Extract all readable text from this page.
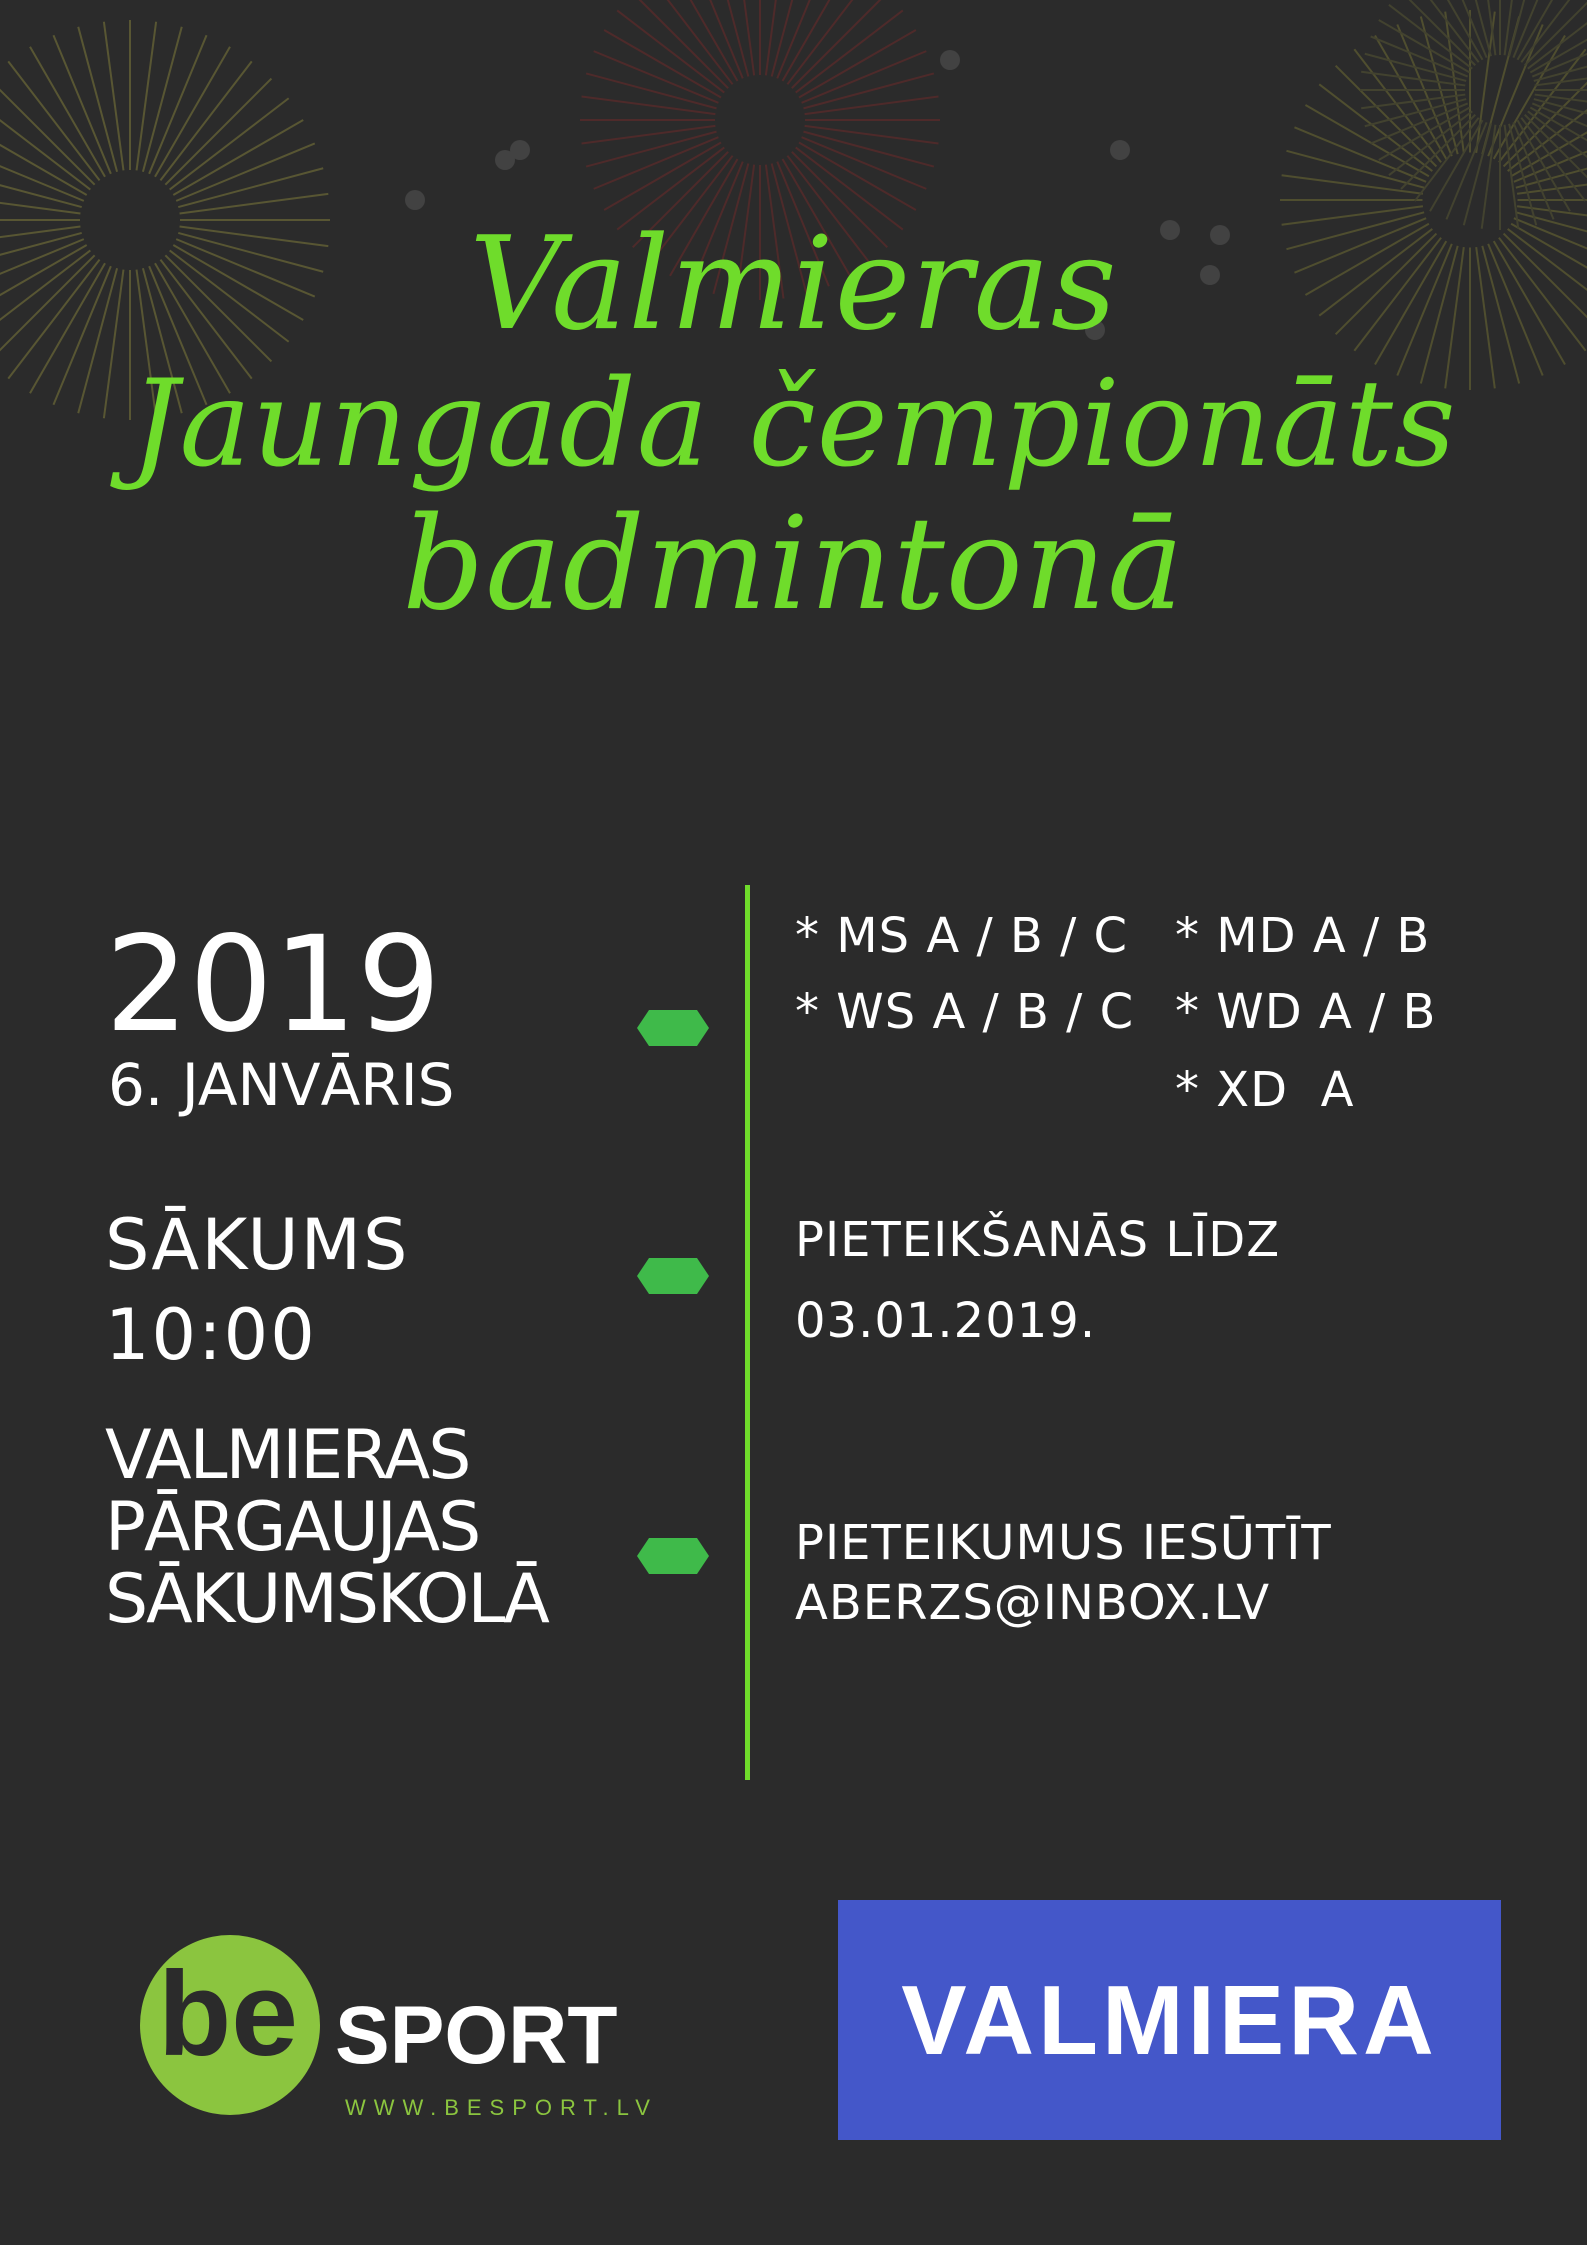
Valmieras
Jaungada čempionāts
badmintonā
2019
6. JANVĀRIS
SĀKUMS
10:00
VALMIERAS
PĀRGAUJAS
SĀKUMSKOLĀ
* MS A / B / C
* WS A / B / C
* MD A / B
* WD A / B
* XD  A
PIETEIKŠANĀS LĪDZ
03.01.2019.
PIETEIKUMUS IESŪTĪT
ABERZS@INBOX.LV
be SPORT
WWW.BESPORT.LV
VALMIERA
